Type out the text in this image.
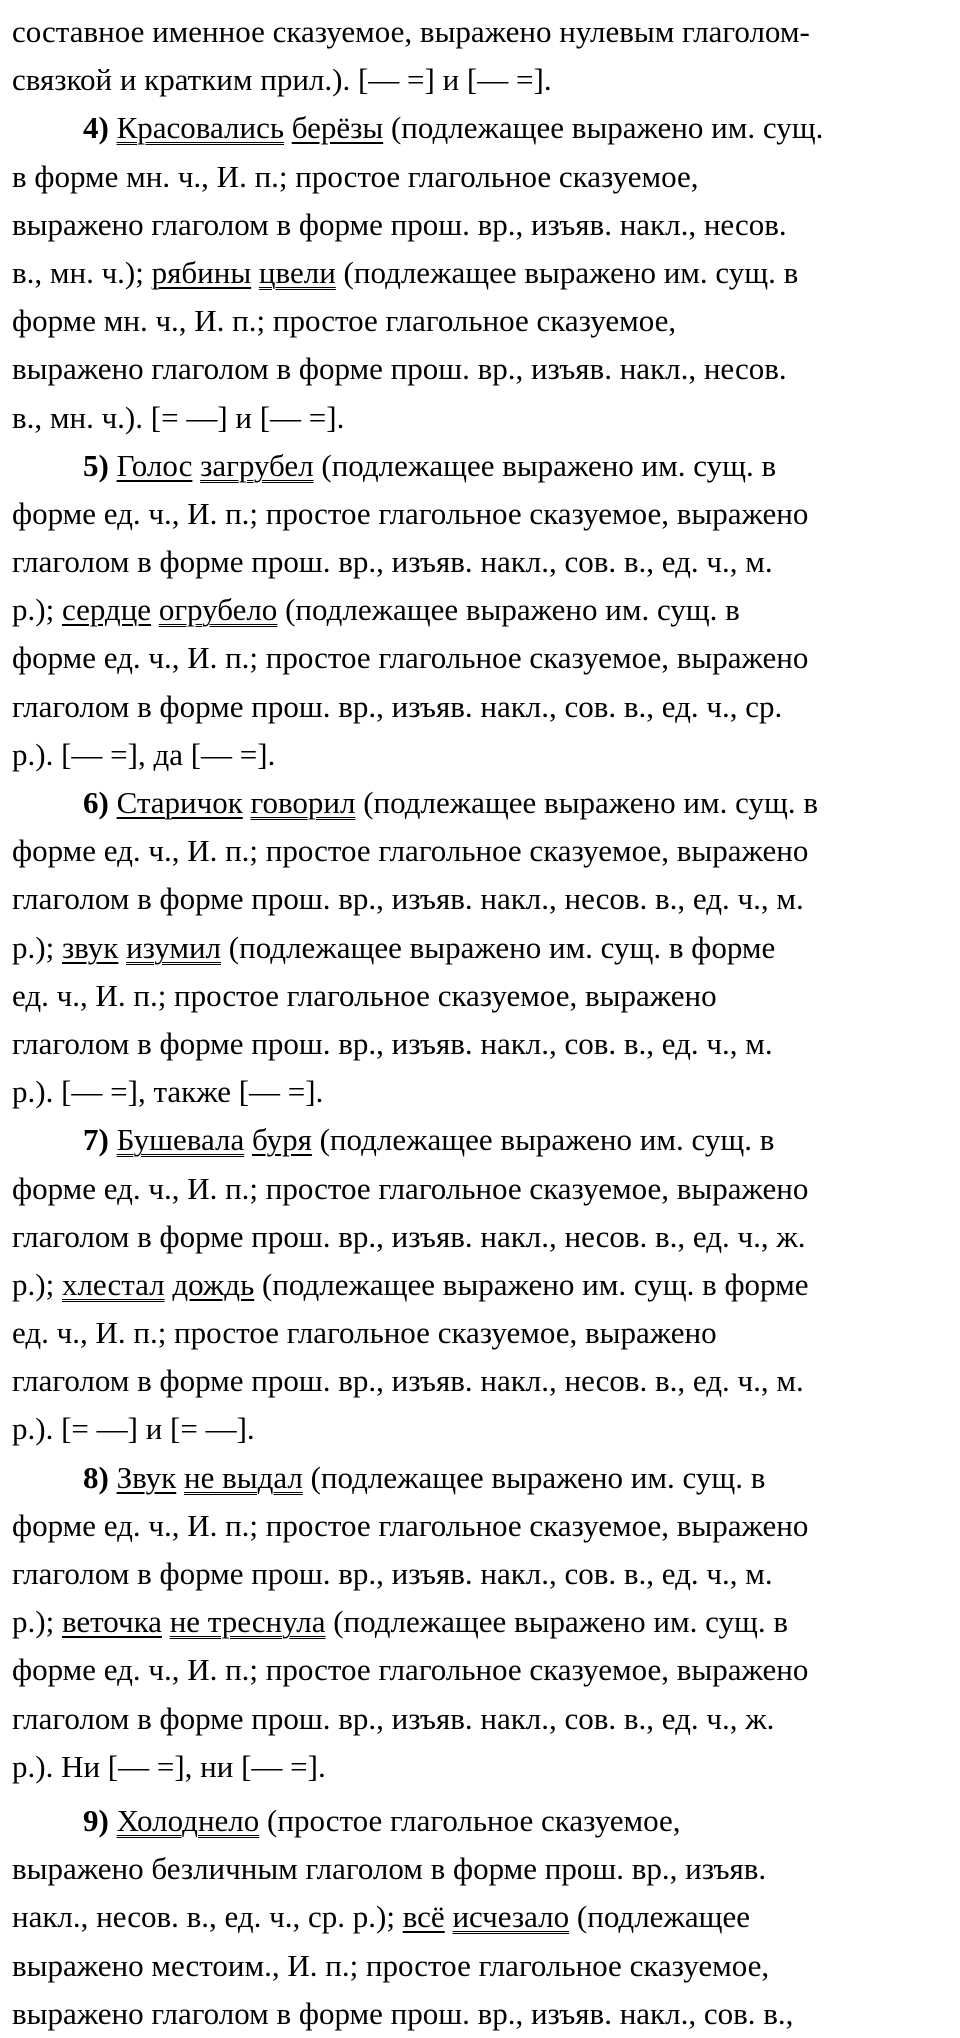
составное именное сказуемое, выражено нулевым глаголом-
связкой и кратким прил.). [— =] и [— =].
4) Красовались берёзы (подлежащее выражено им. сущ.
в форме мн. ч., И. п.; простое глагольное сказуемое,
выражено глаголом в форме прош. вр., изъяв. накл., несов.
в., мн. ч.); рябины цвели (подлежащее выражено им. сущ. в
форме мн. ч., И. п.; простое глагольное сказуемое,
выражено глаголом в форме прош. вр., изъяв. накл., несов.
в., мн. ч.). [= —] и [— =].
5) Голос загрубел (подлежащее выражено им. сущ. в
форме ед. ч., И. п.; простое глагольное сказуемое, выражено
глаголом в форме прош. вр., изъяв. накл., сов. в., ед. ч., м.
р.); сердце огрубело (подлежащее выражено им. сущ. в
форме ед. ч., И. п.; простое глагольное сказуемое, выражено
глаголом в форме прош. вр., изъяв. накл., сов. в., ед. ч., ср.
р.). [— =], да [— =].
6) Старичок говорил (подлежащее выражено им. сущ. в
форме ед. ч., И. п.; простое глагольное сказуемое, выражено
глаголом в форме прош. вр., изъяв. накл., несов. в., ед. ч., м.
р.); звук изумил (подлежащее выражено им. сущ. в форме
ед. ч., И. п.; простое глагольное сказуемое, выражено
глаголом в форме прош. вр., изъяв. накл., сов. в., ед. ч., м.
р.). [— =], также [— =].
7) Бушевала буря (подлежащее выражено им. сущ. в
форме ед. ч., И. п.; простое глагольное сказуемое, выражено
глаголом в форме прош. вр., изъяв. накл., несов. в., ед. ч., ж.
р.); хлестал дождь (подлежащее выражено им. сущ. в форме
ед. ч., И. п.; простое глагольное сказуемое, выражено
глаголом в форме прош. вр., изъяв. накл., несов. в., ед. ч., м.
р.). [= —] и [= —].
8) Звук не выдал (подлежащее выражено им. сущ. в
форме ед. ч., И. п.; простое глагольное сказуемое, выражено
глаголом в форме прош. вр., изъяв. накл., сов. в., ед. ч., м.
р.); веточка не треснула (подлежащее выражено им. сущ. в
форме ед. ч., И. п.; простое глагольное сказуемое, выражено
глаголом в форме прош. вр., изъяв. накл., сов. в., ед. ч., ж.
р.). Ни [— =], ни [— =].
9) Холоднело (простое глагольное сказуемое,
выражено безличным глаголом в форме прош. вр., изъяв.
накл., несов. в., ед. ч., ср. р.); всё исчезало (подлежащее
выражено местоим., И. п.; простое глагольное сказуемое,
выражено глаголом в форме прош. вр., изъяв. накл., сов. в.,
